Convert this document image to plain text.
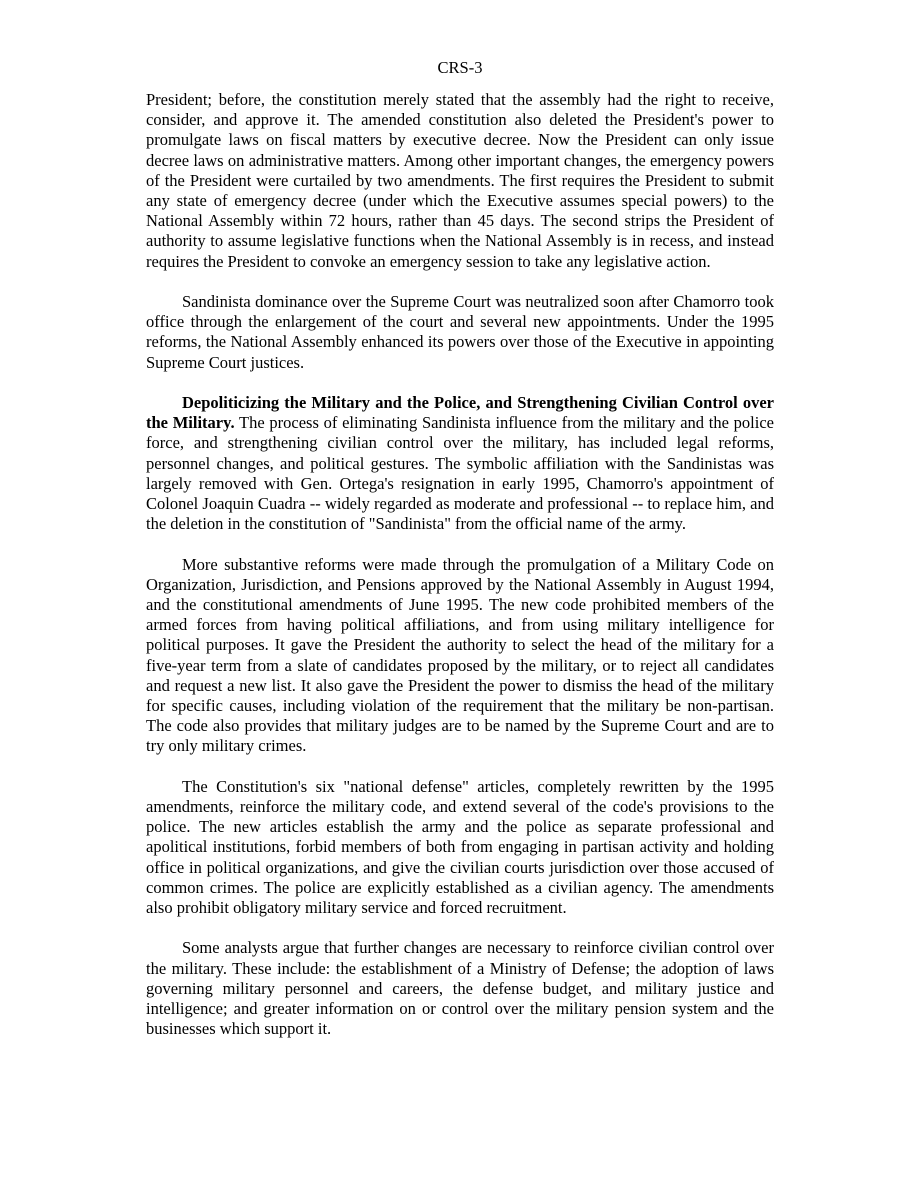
CRS-3

President; before, the constitution merely stated that the assembly had the right to receive, consider, and approve it. The amended constitution also deleted the President's power to promulgate laws on fiscal matters by executive decree. Now the President can only issue decree laws on administrative matters. Among other important changes, the emergency powers of the President were curtailed by two amendments. The first requires the President to submit any state of emergency decree (under which the Executive assumes special powers) to the National Assembly within 72 hours, rather than 45 days. The second strips the President of authority to assume legislative functions when the National Assembly is in recess, and instead requires the President to convoke an emergency session to take any legislative action.

Sandinista dominance over the Supreme Court was neutralized soon after Chamorro took office through the enlargement of the court and several new appointments. Under the 1995 reforms, the National Assembly enhanced its powers over those of the Executive in appointing Supreme Court justices.

Depoliticizing the Military and the Police, and Strengthening Civilian Control over the Military. The process of eliminating Sandinista influence from the military and the police force, and strengthening civilian control over the military, has included legal reforms, personnel changes, and political gestures. The symbolic affiliation with the Sandinistas was largely removed with Gen. Ortega's resignation in early 1995, Chamorro's appointment of Colonel Joaquin Cuadra -- widely regarded as moderate and professional -- to replace him, and the deletion in the constitution of "Sandinista" from the official name of the army.

More substantive reforms were made through the promulgation of a Military Code on Organization, Jurisdiction, and Pensions approved by the National Assembly in August 1994, and the constitutional amendments of June 1995. The new code prohibited members of the armed forces from having political affiliations, and from using military intelligence for political purposes. It gave the President the authority to select the head of the military for a five-year term from a slate of candidates proposed by the military, or to reject all candidates and request a new list. It also gave the President the power to dismiss the head of the military for specific causes, including violation of the requirement that the military be non-partisan. The code also provides that military judges are to be named by the Supreme Court and are to try only military crimes.

The Constitution's six "national defense" articles, completely rewritten by the 1995 amendments, reinforce the military code, and extend several of the code's provisions to the police. The new articles establish the army and the police as separate professional and apolitical institutions, forbid members of both from engaging in partisan activity and holding office in political organizations, and give the civilian courts jurisdiction over those accused of common crimes. The police are explicitly established as a civilian agency. The amendments also prohibit obligatory military service and forced recruitment.

Some analysts argue that further changes are necessary to reinforce civilian control over the military. These include: the establishment of a Ministry of Defense; the adoption of laws governing military personnel and careers, the defense budget, and military justice and intelligence; and greater information on or control over the military pension system and the businesses which support it.
